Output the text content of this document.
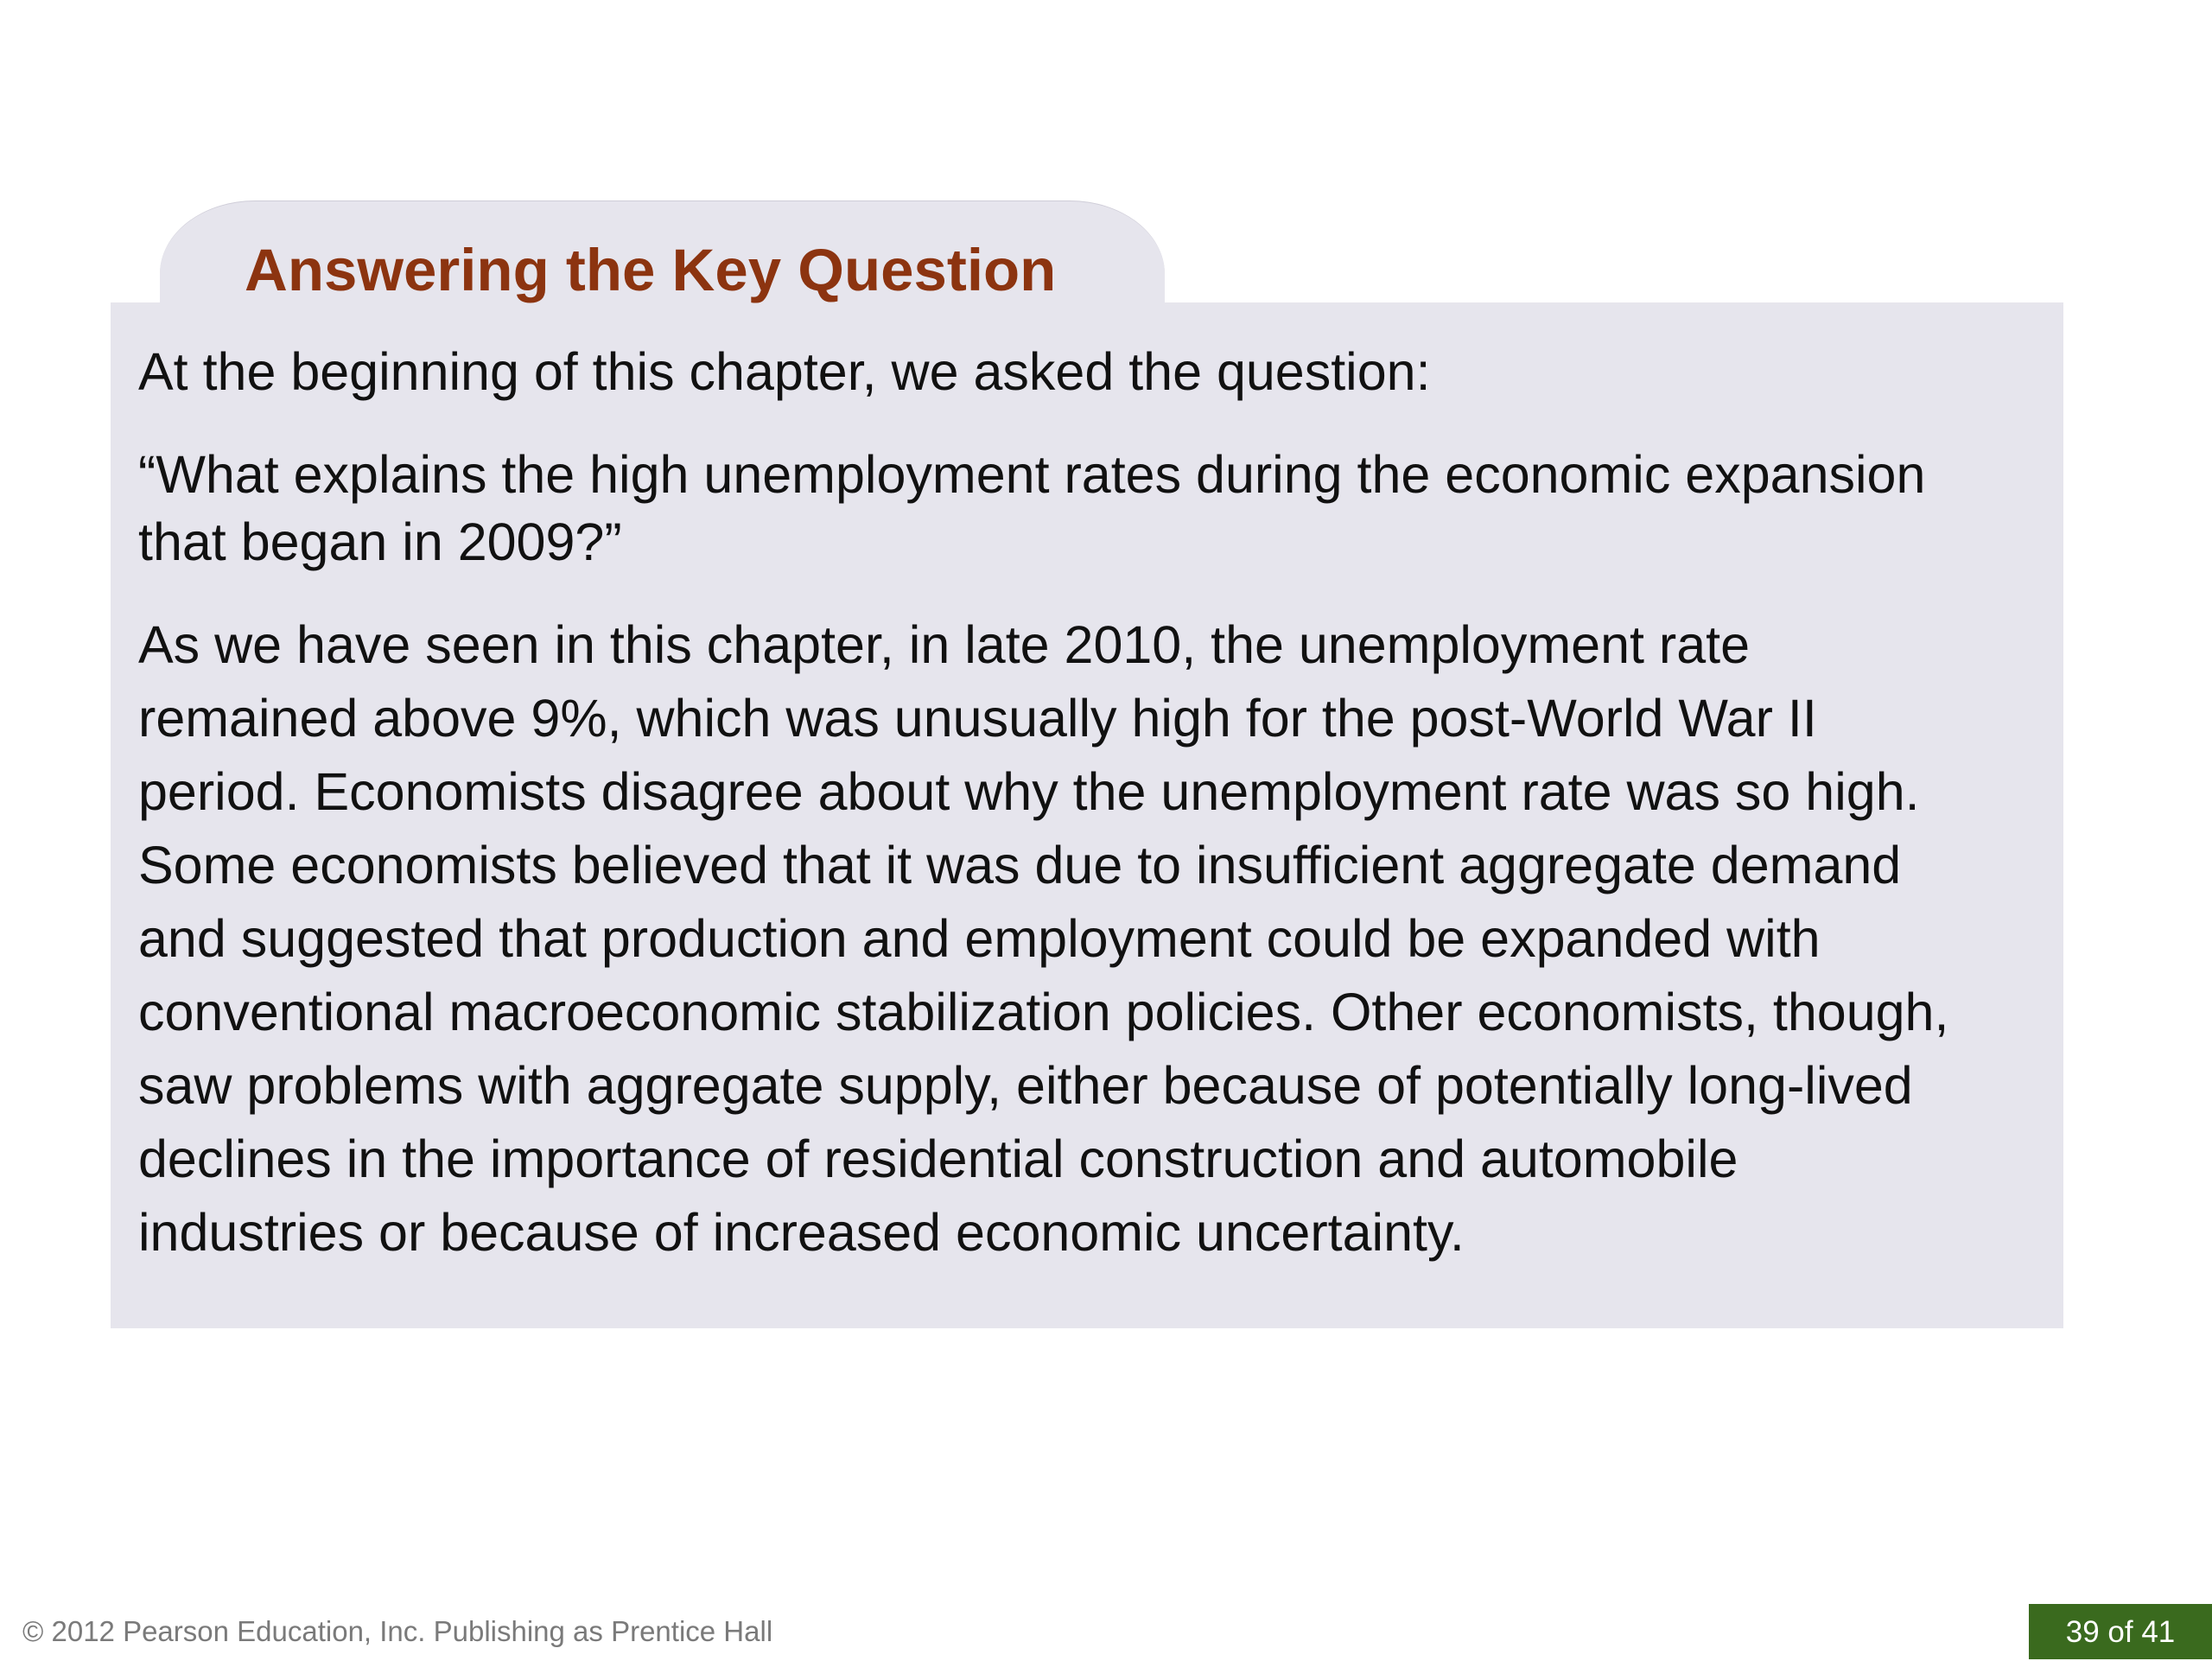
Answering the Key Question

At the beginning of this chapter, we asked the question:

“What explains the high unemployment rates during the economic expansion
that began in 2009?”

As we have seen in this chapter, in late 2010, the unemployment rate
remained above 9%, which was unusually high for the post-World War II
period. Economists disagree about why the unemployment rate was so high.
Some economists believed that it was due to insufficient aggregate demand
and suggested that production and employment could be expanded with
conventional macroeconomic stabilization policies. Other economists, though,
saw problems with aggregate supply, either because of potentially long-lived
declines in the importance of residential construction and automobile
industries or because of increased economic uncertainty.

© 2012 Pearson Education, Inc. Publishing as Prentice Hall	39 of 41
